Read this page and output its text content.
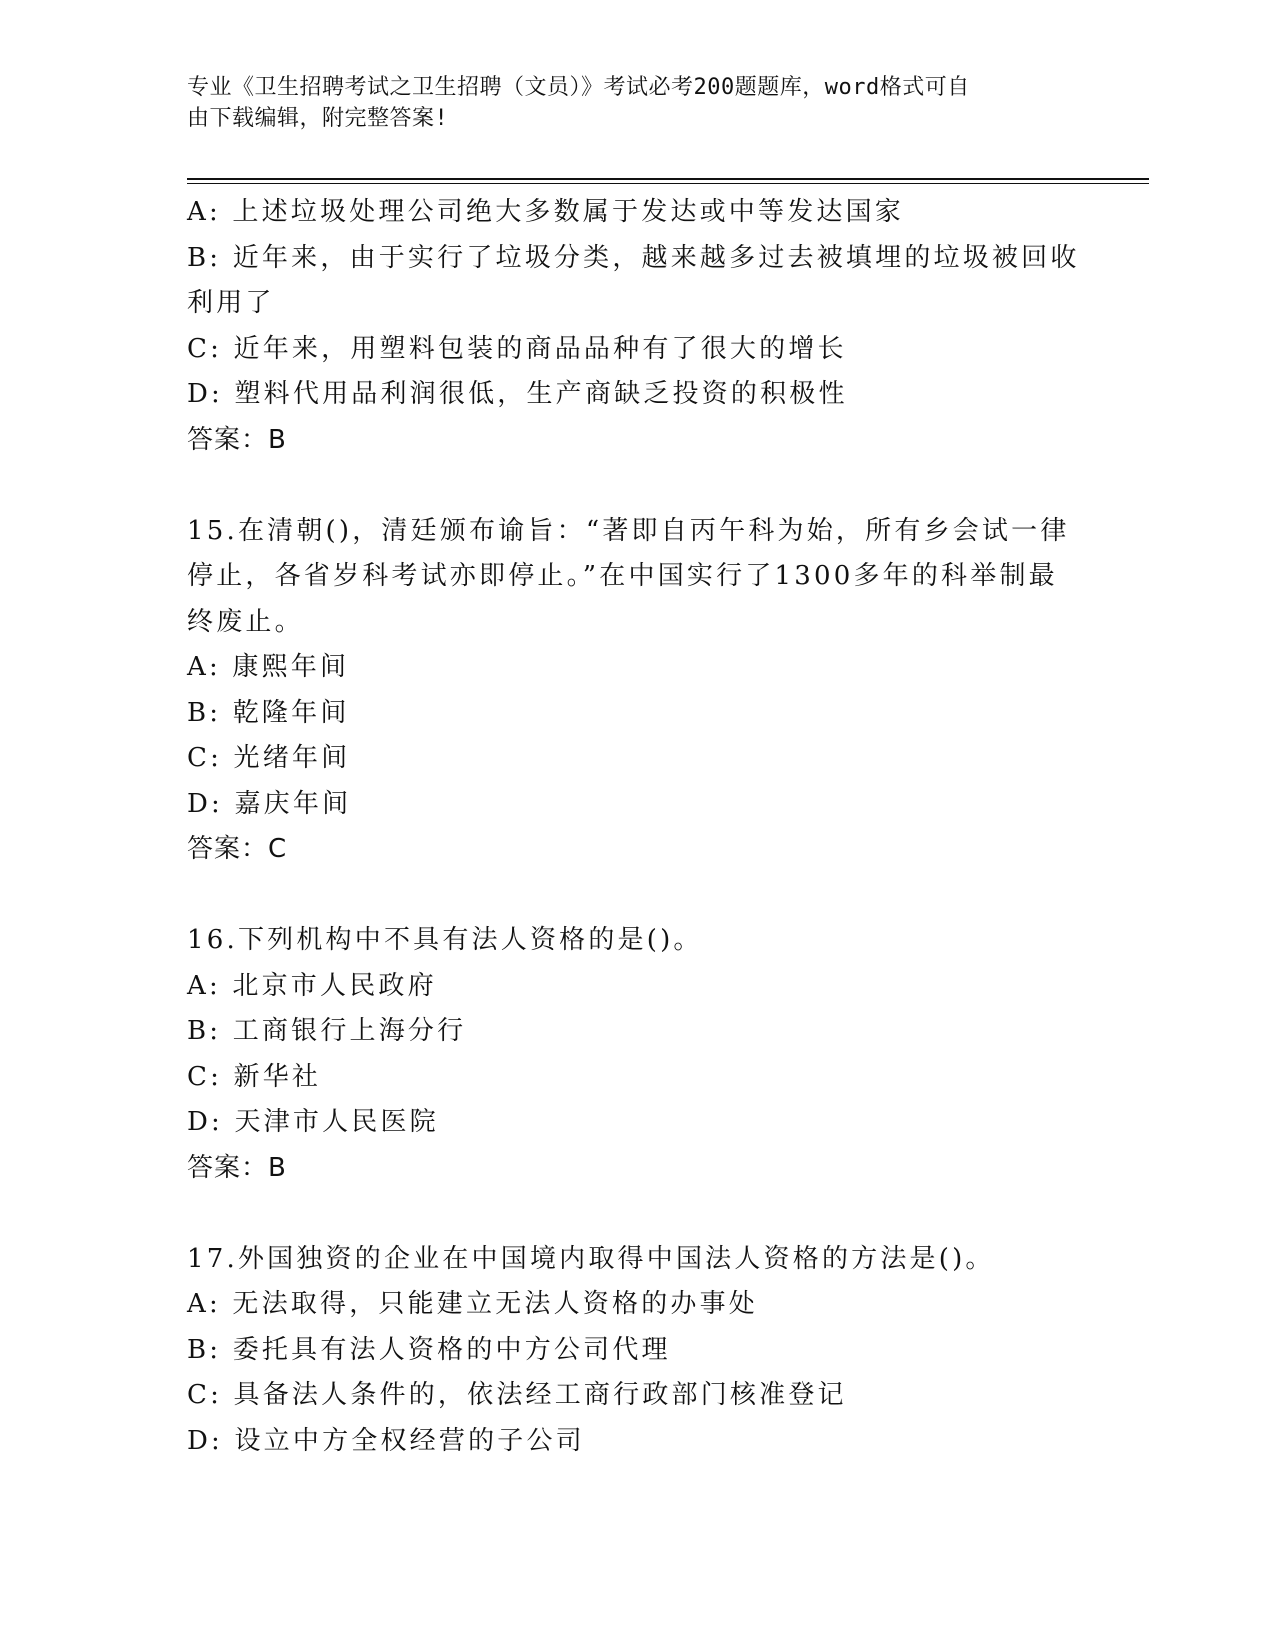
专业《卫生招聘考试之卫生招聘（文员）》考试必考200题题库，word格式可自
由下载编辑，附完整答案!
A: 上述垃圾处理公司绝大多数属于发达或中等发达国家
B: 近年来，由于实行了垃圾分类，越来越多过去被填埋的垃圾被回收
利用了
C: 近年来，用塑料包装的商品品种有了很大的增长
D: 塑料代用品利润很低，生产商缺乏投资的积极性
答案：B
15.在清朝()，清廷颁布谕旨：“著即自丙午科为始，所有乡会试一律
停止，各省岁科考试亦即停止。”在中国实行了1300多年的科举制最
终废止。
A: 康熙年间
B: 乾隆年间
C: 光绪年间
D: 嘉庆年间
答案：C
16.下列机构中不具有法人资格的是()。
A: 北京市人民政府
B: 工商银行上海分行
C: 新华社
D: 天津市人民医院
答案：B
17.外国独资的企业在中国境内取得中国法人资格的方法是()。
A: 无法取得，只能建立无法人资格的办事处
B: 委托具有法人资格的中方公司代理
C: 具备法人条件的，依法经工商行政部门核准登记
D: 设立中方全权经营的子公司
